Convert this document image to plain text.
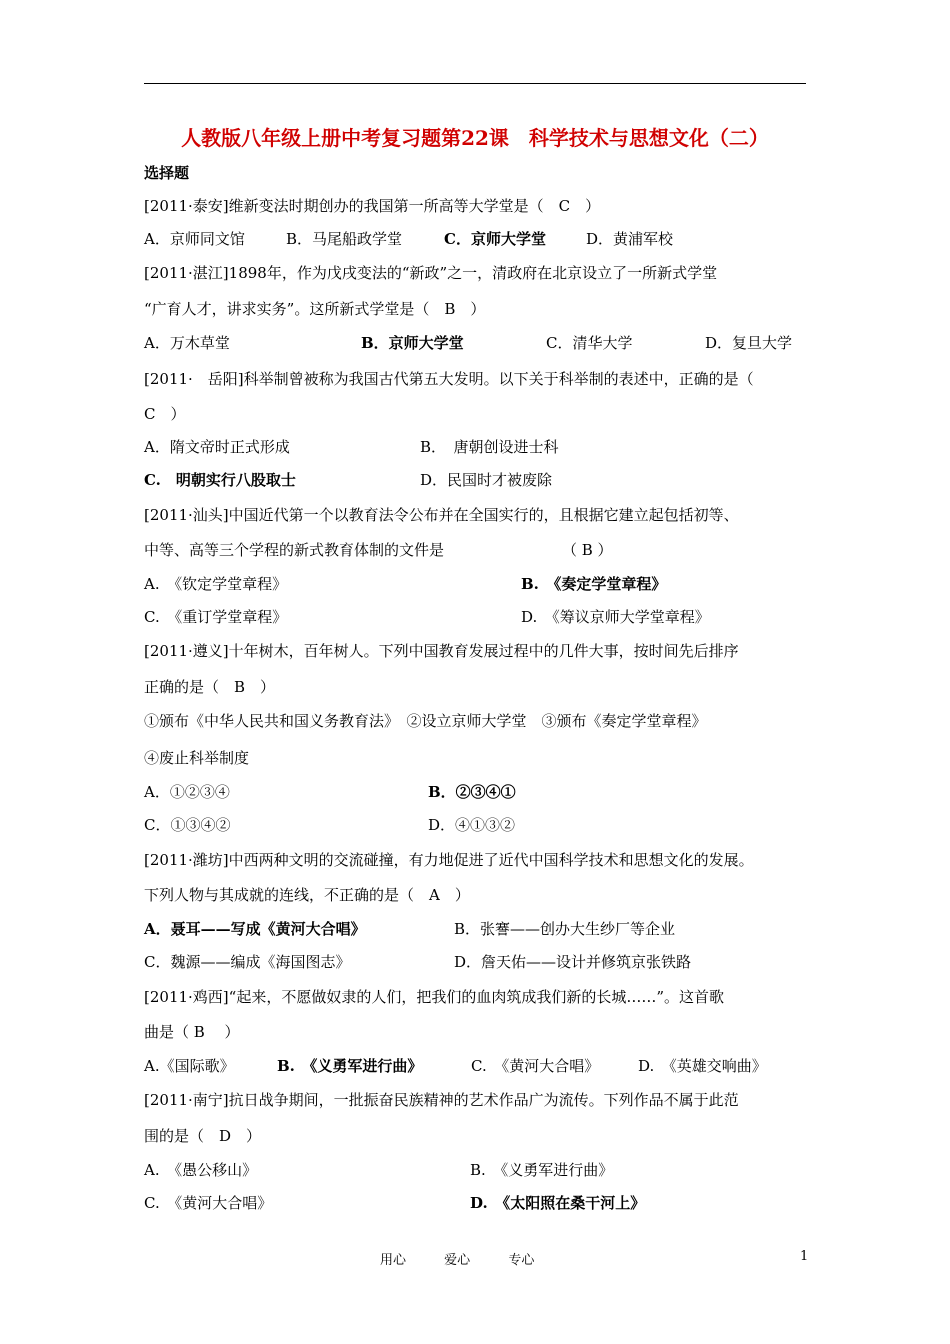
人教版八年级上册中考复习题第22课　科学技术与思想文化（二）
选择题
[2011·泰安]维新变法时期创办的我国第一所高等大学堂是（　C　）
A．京师同文馆	B．马尾船政学堂	C．京师大学堂	D．黄浦军校
[2011·湛江]1898年，作为戊戌变法的“新政”之一，清政府在北京设立了一所新式学堂
“广育人才，讲求实务”。这所新式学堂是（　B　）
A．万木草堂	B．京师大学堂	C．清华大学	D．复旦大学
[2011·　岳阳]科举制曾被称为我国古代第五大发明。以下关于科举制的表述中，正确的是（
C　）
A．隋文帝时正式形成	B．　唐朝创设进士科
C.　明朝实行八股取士	D．民国时才被废除
[2011·汕头]中国近代第一个以教育法令公布并在全国实行的，且根据它建立起包括初等、
中等、高等三个学程的新式教育体制的文件是	（ B ）
A.　《钦定学堂章程》	B.　《奏定学堂章程》
C.　《重订学堂章程》	D.　《筹议京师大学堂章程》
[2011·遵义]十年树木，百年树人。下列中国教育发展过程中的几件大事，按时间先后排序
正确的是（　B　）
①颁布《中华人民共和国义务教育法》　②设立京师大学堂　③颁布《奏定学堂章程》
④废止科举制度
A．①②③④	B．②③④①
C．①③④②	D．④①③②
[2011·潍坊]中西两种文明的交流碰撞，有力地促进了近代中国科学技术和思想文化的发展。
下列人物与其成就的连线，不正确的是（　A　）
A．聂耳——写成《黄河大合唱》	B．张謇——创办大生纱厂等企业
C．魏源——编成《海国图志》	D．詹天佑——设计并修筑京张铁路
[2011·鸡西]“起来，不愿做奴隶的人们，把我们的血肉筑成我们新的长城……”。这首歌
曲是（ B　 ）
A.《国际歌》	B.　《义勇军进行曲》	C.　《黄河大合唱》	D.　《英雄交响曲》
[2011·南宁]抗日战争期间，一批振奋民族精神的艺术作品广为流传。下列作品不属于此范
围的是（　D　）
A.　《愚公移山》	B.　《义勇军进行曲》
C.　《黄河大合唱》	D.　《太阳照在桑干河上》
用心	爱心	专心	1
